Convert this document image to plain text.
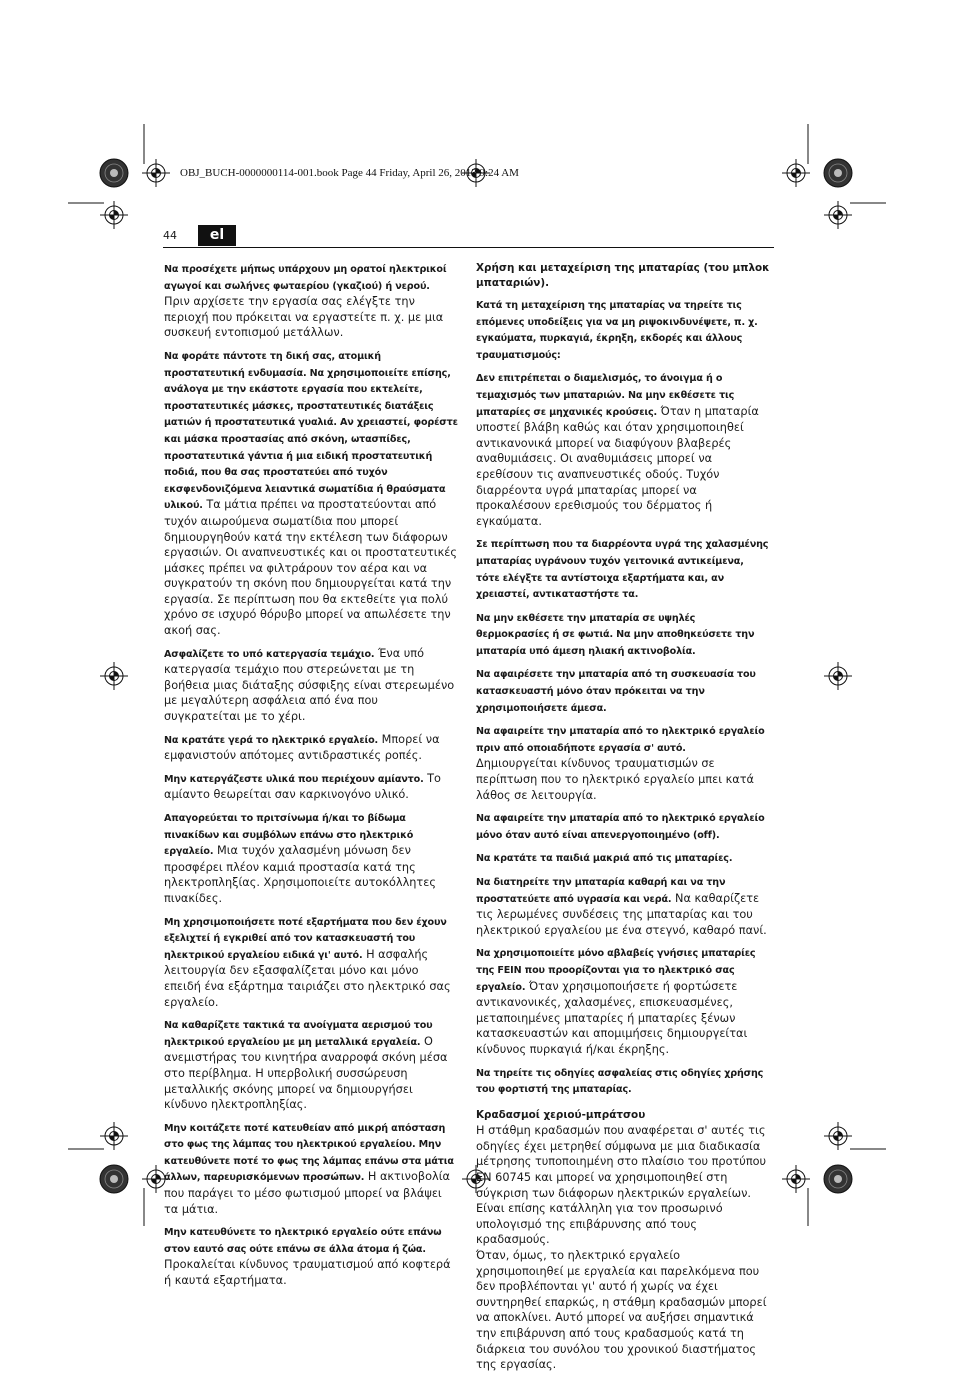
OBJ_BUCH-0000000114-001.book Page 44 Friday, April 26, 2013 9:24 AM
44	el

Να προσέχετε μήπως υπάρχουν μη ορατοί ηλεκτρικοί αγωγοί και σωλήνες φωταερίου (γκαζιού) ή νερού. Πριν αρχίσετε την εργασία σας ελέγξτε την περιοχή που πρόκειται να εργαστείτε π. χ. με μια συσκευή εντοπισμού μετάλλων.

Να φοράτε πάντοτε τη δική σας, ατομική προστατευτική ενδυμασία. Να χρησιμοποιείτε επίσης, ανάλογα με την εκάστοτε εργασία που εκτελείτε, προστατευτικές μάσκες, προστατευτικές διατάξεις ματιών ή προστατευτικά γυαλιά. Αν χρειαστεί, φορέστε και μάσκα προστασίας από σκόνη, ωτασπίδες, προστατευτικά γάντια ή μια ειδική προστατευτική ποδιά, που θα σας προστατεύει από τυχόν εκσφενδονιζόμενα λειαντικά σωματίδια ή θραύσματα υλικού. Τα μάτια πρέπει να προστατεύονται από τυχόν αιωρούμενα σωματίδια που μπορεί δημιουργηθούν κατά την εκτέλεση των διάφορων εργασιών. Οι αναπνευστικές και οι προστατευτικές μάσκες πρέπει να φιλτράρουν τον αέρα και να συγκρατούν τη σκόνη που δημιουργείται κατά την εργασία. Σε περίπτωση που θα εκτεθείτε για πολύ χρόνο σε ισχυρό θόρυβο μπορεί να απωλέσετε την ακοή σας.

Ασφαλίζετε το υπό κατεργασία τεμάχιο. Ένα υπό κατεργασία τεμάχιο που στερεώνεται με τη βοήθεια μιας διάταξης σύσφιξης είναι στερεωμένο με μεγαλύτερη ασφάλεια από ένα που συγκρατείται με το χέρι.

Να κρατάτε γερά το ηλεκτρικό εργαλείο. Μπορεί να εμφανιστούν απότομες αντιδραστικές ροπές.

Μην κατεργάζεστε υλικά που περιέχουν αμίαντο. Το αμίαντο θεωρείται σαν καρκινογόνο υλικό.

Απαγορεύεται το πριτσίνωμα ή/και το βίδωμα πινακίδων και συμβόλων επάνω στο ηλεκτρικό εργαλείο. Μια τυχόν χαλασμένη μόνωση δεν προσφέρει πλέον καμιά προστασία κατά της ηλεκτροπληξίας. Χρησιμοποιείτε αυτοκόλλητες πινακίδες.

Μη χρησιμοποιήσετε ποτέ εξαρτήματα που δεν έχουν εξελιχτεί ή εγκριθεί από τον κατασκευαστή του ηλεκτρικού εργαλείου ειδικά γι' αυτό. Η ασφαλής λειτουργία δεν εξασφαλίζεται μόνο και μόνο επειδή ένα εξάρτημα ταιριάζει στο ηλεκτρικό σας εργαλείο.

Να καθαρίζετε τακτικά τα ανοίγματα αερισμού του ηλεκτρικού εργαλείου με μη μεταλλικά εργαλεία. Ο ανεμιστήρας του κινητήρα αναρροφά σκόνη μέσα στο περίβλημα. Η υπερβολική συσσώρευση μεταλλικής σκόνης μπορεί να δημιουργήσει κίνδυνο ηλεκτροπληξίας.

Μην κοιτάζετε ποτέ κατευθείαν από μικρή απόσταση στο φως της λάμπας του ηλεκτρικού εργαλείου. Μην κατευθύνετε ποτέ το φως της λάμπας επάνω στα μάτια άλλων, παρευρισκόμενων προσώπων. Η ακτινοβολία που παράγει το μέσο φωτισμού μπορεί να βλάψει τα μάτια.

Μην κατευθύνετε το ηλεκτρικό εργαλείο ούτε επάνω στον εαυτό σας ούτε επάνω σε άλλα άτομα ή ζώα. Προκαλείται κίνδυνος τραυματισμού από κοφτερά ή καυτά εξαρτήματα.

Χρήση και μεταχείριση της μπαταρίας (του μπλοκ μπαταριών).

Κατά τη μεταχείριση της μπαταρίας να τηρείτε τις επόμενες υποδείξεις για να μη ριψοκινδυνέψετε, π. χ. εγκαύματα, πυρκαγιά, έκρηξη, εκδορές και άλλους τραυματισμούς:

Δεν επιτρέπεται ο διαμελισμός, το άνοιγμα ή ο τεμαχισμός των μπαταριών. Να μην εκθέσετε τις μπαταρίες σε μηχανικές κρούσεις. Όταν η μπαταρία υποστεί βλάβη καθώς και όταν χρησιμοποιηθεί αντικανονικά μπορεί να διαφύγουν βλαβερές αναθυμιάσεις. Οι αναθυμιάσεις μπορεί να ερεθίσουν τις αναπνευστικές οδούς. Τυχόν διαρρέοντα υγρά μπαταρίας μπορεί να προκαλέσουν ερεθισμούς του δέρματος ή εγκαύματα.

Σε περίπτωση που τα διαρρέοντα υγρά της χαλασμένης μπαταρίας υγράνουν τυχόν γειτονικά αντικείμενα, τότε ελέγξτε τα αντίστοιχα εξαρτήματα και, αν χρειαστεί, αντικαταστήστε τα.

Να μην εκθέσετε την μπαταρία σε υψηλές θερμοκρασίες ή σε φωτιά. Να μην αποθηκεύσετε την μπαταρία υπό άμεση ηλιακή ακτινοβολία.

Να αφαιρέσετε την μπαταρία από τη συσκευασία του κατασκευαστή μόνο όταν πρόκειται να την χρησιμοποιήσετε άμεσα.

Να αφαιρείτε την μπαταρία από το ηλεκτρικό εργαλείο πριν από οποιαδήποτε εργασία σ' αυτό. Δημιουργείται κίνδυνος τραυματισμών σε περίπτωση που το ηλεκτρικό εργαλείο μπει κατά λάθος σε λειτουργία.

Να αφαιρείτε την μπαταρία από το ηλεκτρικό εργαλείο μόνο όταν αυτό είναι απενεργοποιημένο (off).

Να κρατάτε τα παιδιά μακριά από τις μπαταρίες.

Να διατηρείτε την μπαταρία καθαρή και να την προστατεύετε από υγρασία και νερά. Να καθαρίζετε τις λερωμένες συνδέσεις της μπαταρίας και του ηλεκτρικού εργαλείου με ένα στεγνό, καθαρό πανί.

Να χρησιμοποιείτε μόνο αβλαβείς γνήσιες μπαταρίες της FEIN που προορίζονται για το ηλεκτρικό σας εργαλείο. Όταν χρησιμοποιήσετε ή φορτώσετε αντικανονικές, χαλασμένες, επισκευασμένες, μεταποιημένες μπαταρίες ή μπαταρίες ξένων κατασκευαστών και απομιμήσεις δημιουργείται κίνδυνος πυρκαγιά ή/και έκρηξης.

Να τηρείτε τις οδηγίες ασφαλείας στις οδηγίες χρήσης του φορτιστή της μπαταρίας.

Κραδασμοί χεριού-μπράτσου
Η στάθμη κραδασμών που αναφέρεται σ' αυτές τις οδηγίες έχει μετρηθεί σύμφωνα με μια διαδικασία μέτρησης τυποποιημένη στο πλαίσιο του προτύπου EN 60745 και μπορεί να χρησιμοποιηθεί στη σύγκριση των διάφορων ηλεκτρικών εργαλείων. Είναι επίσης κατάλληλη για τον προσωρινό υπολογισμό της επιβάρυνσης από τους κραδασμούς.
Όταν, όμως, το ηλεκτρικό εργαλείο χρησιμοποιηθεί με εργαλεία και παρελκόμενα που δεν προβλέπονται γι' αυτό ή χωρίς να έχει συντηρηθεί επαρκώς, η στάθμη κραδασμών μπορεί να αποκλίνει. Αυτό μπορεί να αυξήσει σημαντικά την επιβάρυνση από τους κραδασμούς κατά τη διάρκεια του συνόλου του χρονικού διαστήματος της εργασίας.
